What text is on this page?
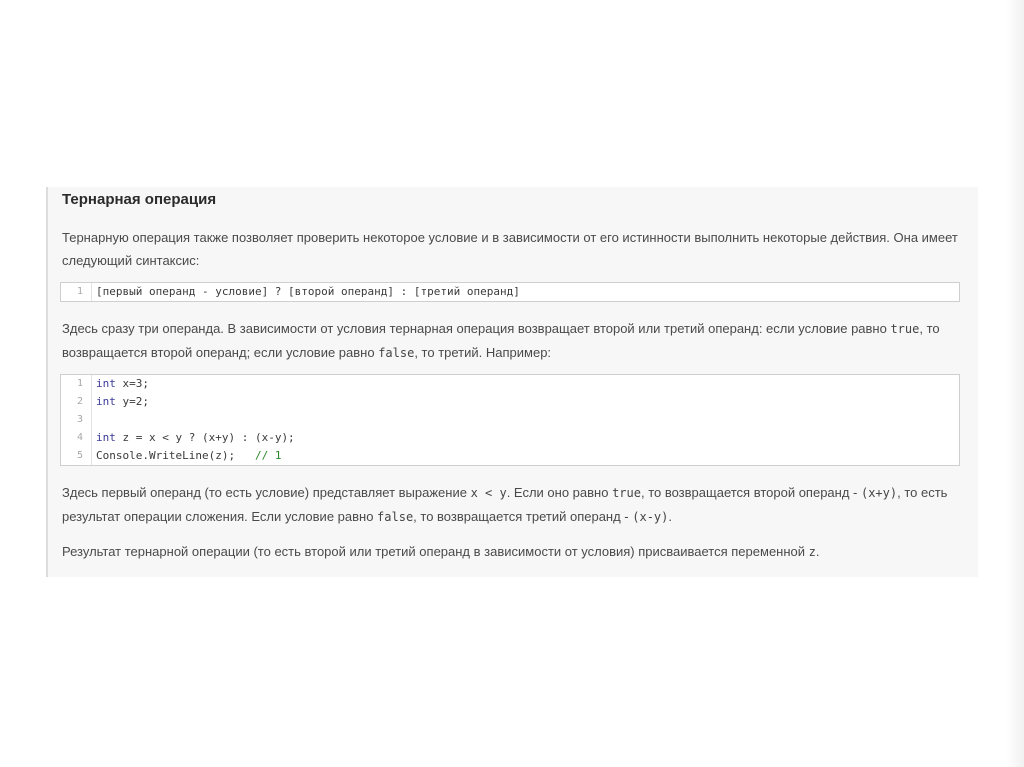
Тернарная операция

Тернарную операция также позволяет проверить некоторое условие и в зависимости от его истинности выполнить некоторые действия. Она имеет следующий синтаксис:

1

[первый операнд - условие] ? [второй операнд] : [третий операнд]

Здесь сразу три операнда. В зависимости от условия тернарная операция возвращает второй или третий операнд: если условие равно true, то возвращается второй операнд; если условие равно false, то третий. Например:

1

int x=3;

2

int y=2;

3

4

int z = x < y ? (x+y) : (x-y);

5

Console.WriteLine(z);   // 1

Здесь первый операнд (то есть условие) представляет выражение x < y. Если оно равно true, то возвращается второй операнд - (x+y), то есть результат операции сложения. Если условие равно false, то возвращается третий операнд - (x-y).

Результат тернарной операции (то есть второй или третий операнд в зависимости от условия) присваивается переменной z.
